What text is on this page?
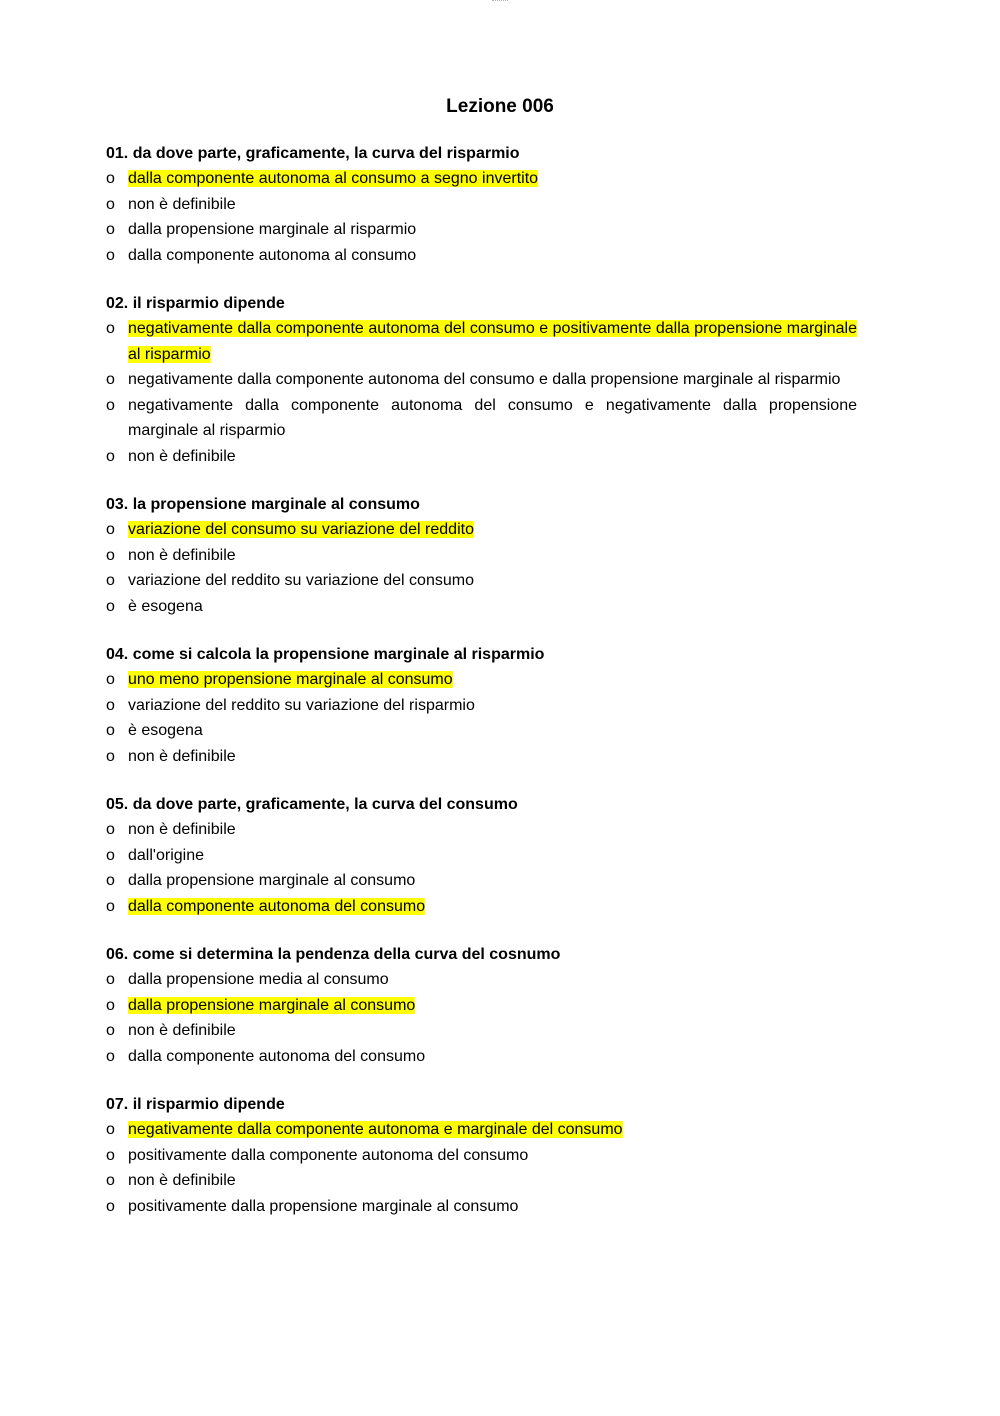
Lezione 006
01. da dove parte, graficamente, la curva del risparmio
o dalla componente autonoma al consumo a segno invertito
o non è definibile
o dalla propensione marginale al risparmio
o dalla componente autonoma al consumo
02. il risparmio dipende
o negativamente dalla componente autonoma del consumo e positivamente dalla propensione marginale al risparmio
o negativamente dalla componente autonoma del consumo e dalla propensione marginale al risparmio
o negativamente dalla componente autonoma del consumo e negativamente dalla propensione marginale al risparmio
o non è definibile
03. la propensione marginale al consumo
o variazione del consumo su variazione del reddito
o non è definibile
o variazione del reddito su variazione del consumo
o è esogena
04. come si calcola la propensione marginale al risparmio
o uno meno propensione marginale al consumo
o variazione del reddito su variazione del risparmio
o è esogena
o non è definibile
05. da dove parte, graficamente, la curva del consumo
o non è definibile
o dall'origine
o dalla propensione marginale al consumo
o dalla componente autonoma del consumo
06. come si determina la pendenza della curva del cosnumo
o dalla propensione media al consumo
o dalla propensione marginale al consumo
o non è definibile
o dalla componente autonoma del consumo
07. il risparmio dipende
o negativamente dalla componente autonoma e marginale del consumo
o positivamente dalla componente autonoma del consumo
o non è definibile
o positivamente dalla propensione marginale al consumo
